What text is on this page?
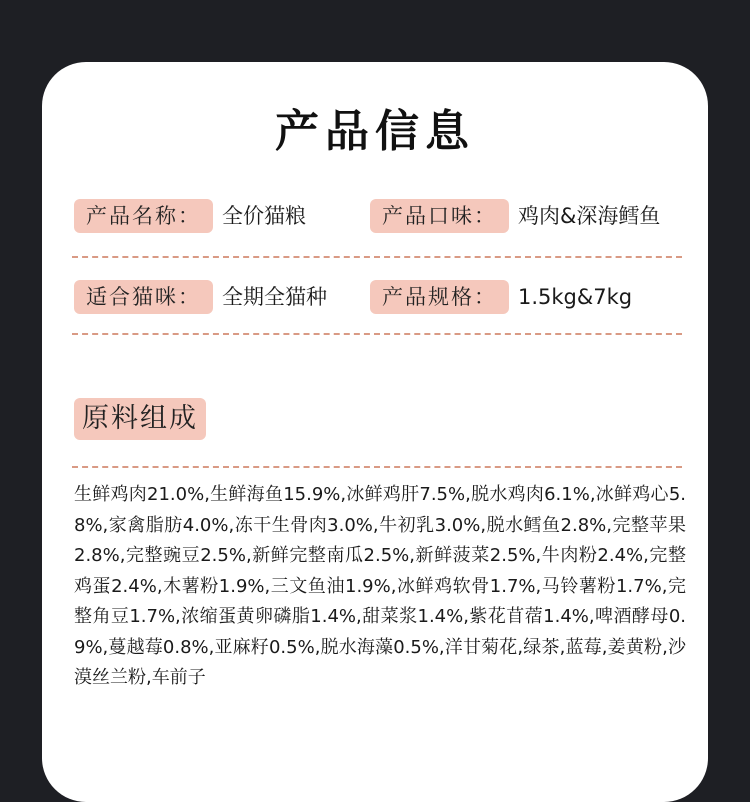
产品信息
产品名称：	全价猫粮	产品口味：	鸡肉&深海鳕鱼
适合猫咪：	全期全猫种	产品规格：	1.5kg&7kg
原料组成
生鲜鸡肉21.0%,生鲜海鱼15.9%,冰鲜鸡肝7.5%,脱水鸡肉6.1%,冰鲜鸡心5.8%,家禽脂肪4.0%,冻干生骨肉3.0%,牛初乳3.0%,脱水鳕鱼2.8%,完整苹果2.8%,完整豌豆2.5%,新鲜完整南瓜2.5%,新鲜菠菜2.5%,牛肉粉2.4%,完整鸡蛋2.4%,木薯粉1.9%,三文鱼油1.9%,冰鲜鸡软骨1.7%,马铃薯粉1.7%,完整角豆1.7%,浓缩蛋黄卵磷脂1.4%,甜菜浆1.4%,紫花苜蓿1.4%,啤酒酵母0.9%,蔓越莓0.8%,亚麻籽0.5%,脱水海藻0.5%,洋甘菊花,绿茶,蓝莓,姜黄粉,沙漠丝兰粉,车前子
